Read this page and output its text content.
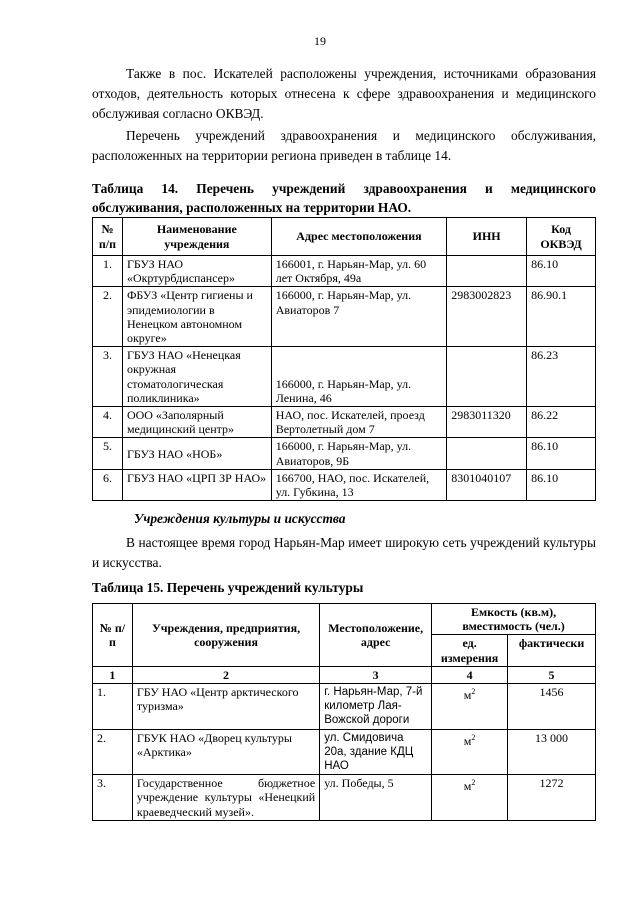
19

Также в пос. Искателей расположены учреждения, источниками образования отходов, деятельность которых отнесена к сфере здравоохранения и медицинского обслуживая согласно ОКВЭД.

Перечень учреждений здравоохранения и медицинского обслуживания, расположенных на территории региона приведен в таблице 14.

Таблица 14. Перечень учреждений здравоохранения и медицинского обслуживания, расположенных на территории НАО.

№ п/п	Наименование учреждения	Адрес местоположения	ИНН	Код ОКВЭД
1.	ГБУЗ НАО «Окртурбдиспансер»	166001, г. Нарьян-Мар, ул. 60 лет Октября, 49а		86.10
2.	ФБУЗ «Центр гигиены и эпидемиологии в Ненецком автономном округе»	166000, г. Нарьян-Мар, ул. Авиаторов 7	2983002823	86.90.1
3.	ГБУЗ НАО «Ненецкая окружная стоматологическая поликлиника»	166000, г. Нарьян-Мар, ул. Ленина, 46		86.23
4.	ООО «Заполярный медицинский центр»	НАО, пос. Искателей, проезд Вертолетный дом 7	2983011320	86.22
5.	ГБУЗ НАО «НОБ»	166000, г. Нарьян-Мар, ул. Авиаторов, 9Б		86.10
6.	ГБУЗ НАО «ЦРП ЗР НАО»	166700, НАО, пос. Искателей, ул. Губкина, 13	8301040107	86.10
Учреждения культуры и искусства

В настоящее время город Нарьян-Мар имеет широкую сеть учреждений культуры и искусства.

Таблица 15. Перечень учреждений культуры

№ п/п	Учреждения, предприятия, сооружения	Местоположение, адрес	Емкость (кв.м), вместимость (чел.)	
			ед. измерения	фактически
1	2	3	4	5
1.	ГБУ НАО «Центр арктического туризма»	г. Нарьян-Мар, 7-й километр Лая-Вожской дороги	$м^2$	1456
2.	ГБУК НАО «Дворец культуры «Арктика»	ул. Смидовича 20а, здание КДЦ НАО	$м^2$	13 000
3.	Государственное бюджетное учреждение культуры «Ненецкий краеведческий музей».	ул. Победы, 5	$м^2$	1272
